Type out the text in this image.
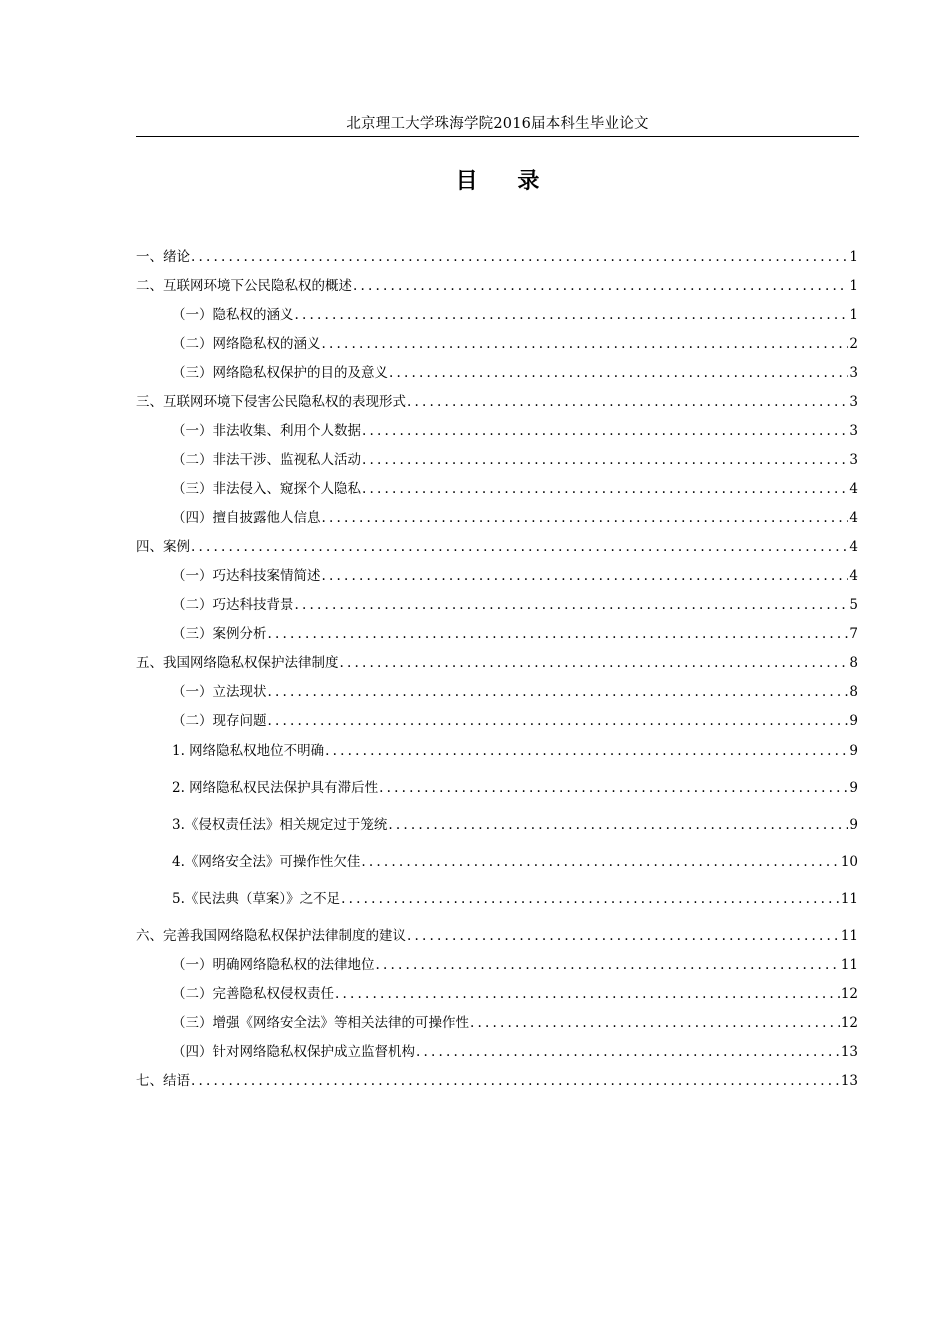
北京理工大学珠海学院2016届本科生毕业论文
目 录
一、绪论 .....	1
二、互联网环境下公民隐私权的概述 .....	1
（一）隐私权的涵义 .....	1
（二）网络隐私权的涵义 .....	2
（三）网络隐私权保护的目的及意义 .....	3
三、互联网环境下侵害公民隐私权的表现形式 .....	3
（一）非法收集、利用个人数据 .....	3
（二）非法干涉、监视私人活动 .....	3
（三）非法侵入、窥探个人隐私 .....	4
（四）擅自披露他人信息 .....	4
四、案例 .....	4
（一）巧达科技案情简述 .....	4
（二）巧达科技背景 .....	5
（三）案例分析 .....	7
五、我国网络隐私权保护法律制度 .....	8
（一）立法现状 .....	8
（二）现存问题 .....	9
1. 网络隐私权地位不明确 .....	9
2. 网络隐私权民法保护具有滞后性 .....	9
3.《侵权责任法》相关规定过于笼统 .....	9
4.《网络安全法》可操作性欠佳 .....	10
5.《民法典（草案）》之不足 .....	11
六、完善我国网络隐私权保护法律制度的建议 .....	11
（一）明确网络隐私权的法律地位 .....	11
（二）完善隐私权侵权责任 .....	12
（三）增强《网络安全法》等相关法律的可操作性 .....	12
（四）针对网络隐私权保护成立监督机构 .....	13
七、结语 .....	13
